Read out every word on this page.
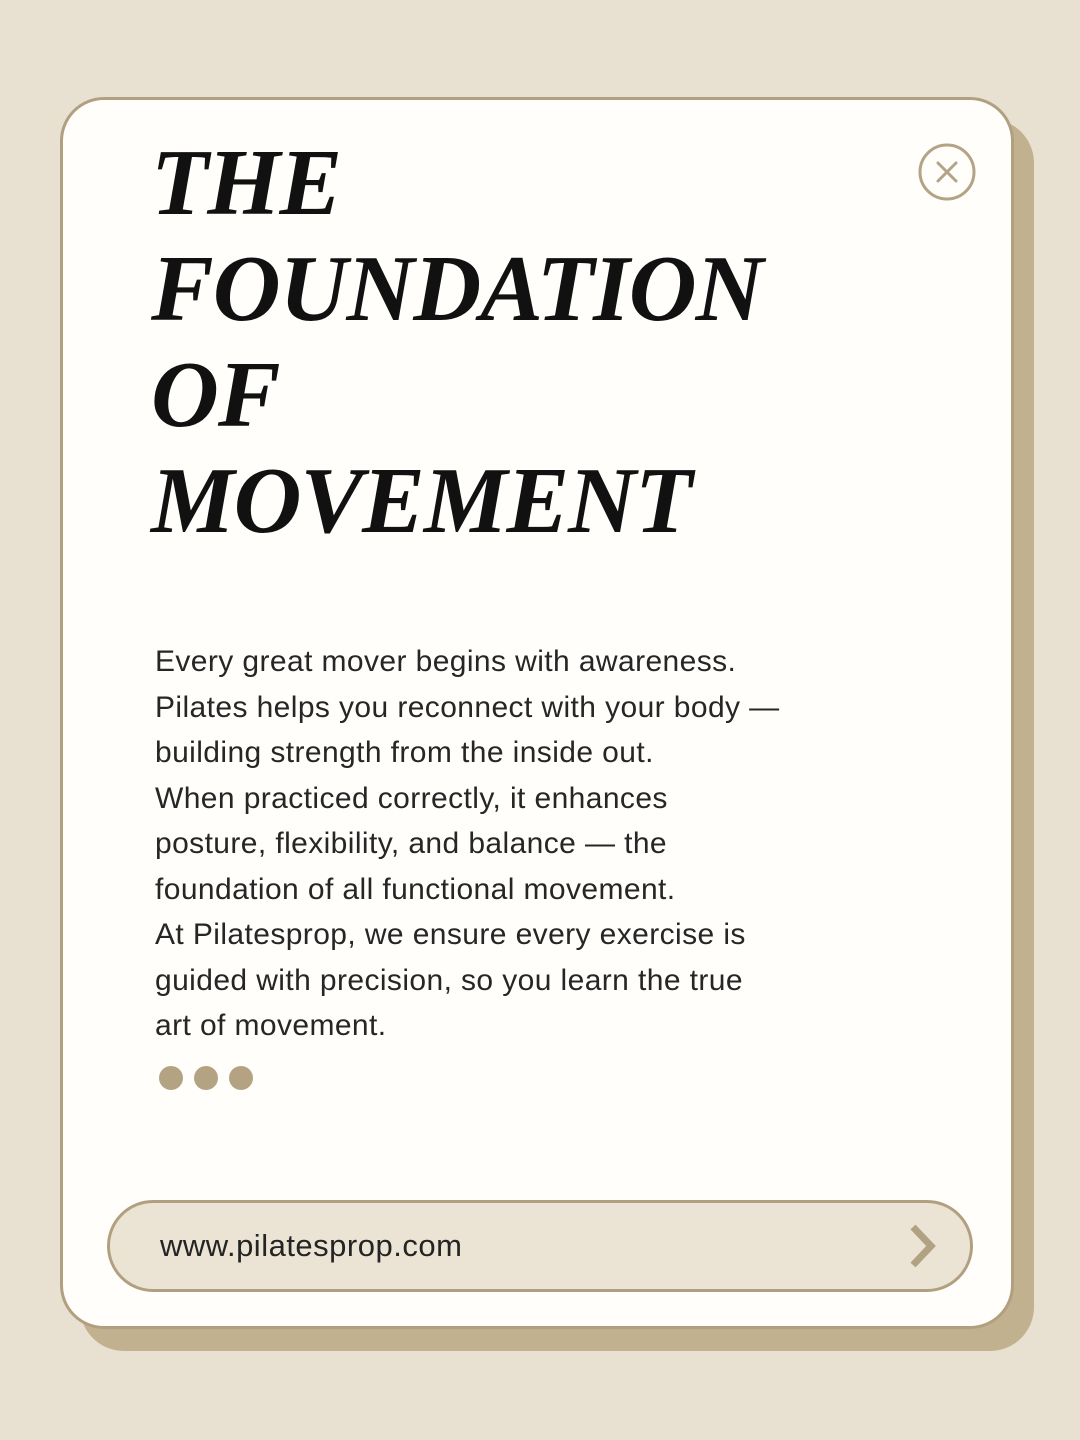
THE
FOUNDATION
OF
MOVEMENT
Every great mover begins with awareness.
Pilates helps you reconnect with your body —
building strength from the inside out.
When practiced correctly, it enhances
posture, flexibility, and balance — the
foundation of all functional movement.
At Pilatesprop, we ensure every exercise is
guided with precision, so you learn the true
art of movement.
www.pilatesprop.com
